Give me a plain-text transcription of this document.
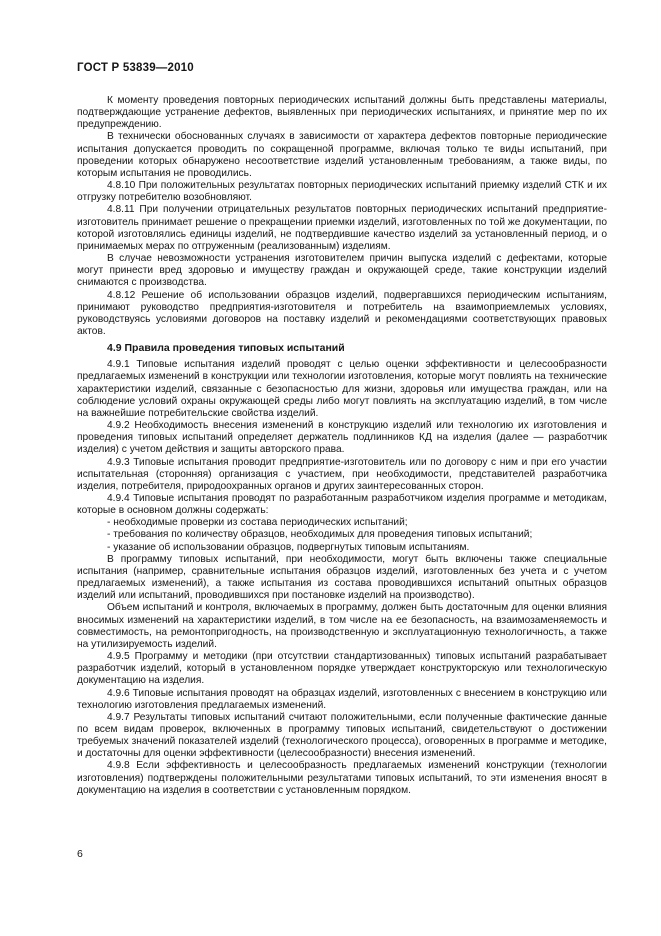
ГОСТ Р 53839—2010

К моменту проведения повторных периодических испытаний должны быть представлены материалы, подтверждающие устранение дефектов, выявленных при периодических испытаниях, и принятие мер по их предупреждению.

В технически обоснованных случаях в зависимости от характера дефектов повторные периодические испытания допускается проводить по сокращенной программе, включая только те виды испытаний, при проведении которых обнаружено несоответствие изделий установленным требованиям, а также виды, по которым испытания не проводились.

4.8.10 При положительных результатах повторных периодических испытаний приемку изделий СТК и их отгрузку потребителю возобновляют.

4.8.11 При получении отрицательных результатов повторных периодических испытаний предприятие-изготовитель принимает решение о прекращении приемки изделий, изготовленных по той же документации, по которой изготовлялись единицы изделий, не подтвердившие качество изделий за установленный период, и о принимаемых мерах по отгруженным (реализованным) изделиям.

В случае невозможности устранения изготовителем причин выпуска изделий с дефектами, которые могут принести вред здоровью и имуществу граждан и окружающей среде, такие конструкции изделий снимаются с производства.

4.8.12 Решение об использовании образцов изделий, подвергавшихся периодическим испытаниям, принимают руководство предприятия-изготовителя и потребитель на взаимоприемлемых условиях, руководствуясь условиями договоров на поставку изделий и рекомендациями соответствующих правовых актов.

4.9 Правила проведения типовых испытаний

4.9.1 Типовые испытания изделий проводят с целью оценки эффективности и целесообразности предлагаемых изменений в конструкции или технологии изготовления, которые могут повлиять на технические характеристики изделий, связанные с безопасностью для жизни, здоровья или имущества граждан, или на соблюдение условий охраны окружающей среды либо могут повлиять на эксплуатацию изделий, в том числе на важнейшие потребительские свойства изделий.

4.9.2 Необходимость внесения изменений в конструкцию изделий или технологию их изготовления и проведения типовых испытаний определяет держатель подлинников КД на изделия (далее — разработчик изделия) с учетом действия и защиты авторского права.

4.9.3 Типовые испытания проводит предприятие-изготовитель или по договору с ним и при его участии испытательная (сторонняя) организация с участием, при необходимости, представителей разработчика изделия, потребителя, природоохранных органов и других заинтересованных сторон.

4.9.4 Типовые испытания проводят по разработанным разработчиком изделия программе и методикам, которые в основном должны содержать:

- необходимые проверки из состава периодических испытаний;

- требования по количеству образцов, необходимых для проведения типовых испытаний;

- указание об использовании образцов, подвергнутых типовым испытаниям.

В программу типовых испытаний, при необходимости, могут быть включены также специальные испытания (например, сравнительные испытания образцов изделий, изготовленных без учета и с учетом предлагаемых изменений), а также испытания из состава проводившихся испытаний опытных образцов изделий или испытаний, проводившихся при постановке изделий на производство).

Объем испытаний и контроля, включаемых в программу, должен быть достаточным для оценки влияния вносимых изменений на характеристики изделий, в том числе на ее безопасность, на взаимозаменяемость и совместимость, на ремонтопригодность, на производственную и эксплуатационную технологичность, а также на утилизируемость изделий.

4.9.5 Программу и методики (при отсутствии стандартизованных) типовых испытаний разрабатывает разработчик изделий, который в установленном порядке утверждает конструкторскую или технологическую документацию на изделия.

4.9.6 Типовые испытания проводят на образцах изделий, изготовленных с внесением в конструкцию или технологию изготовления предлагаемых изменений.

4.9.7 Результаты типовых испытаний считают положительными, если полученные фактические данные по всем видам проверок, включенных в программу типовых испытаний, свидетельствуют о достижении требуемых значений показателей изделий (технологического процесса), оговоренных в программе и методике, и достаточны для оценки эффективности (целесообразности) внесения изменений.

4.9.8 Если эффективность и целесообразность предлагаемых изменений конструкции (технологии изготовления) подтверждены положительными результатами типовых испытаний, то эти изменения вносят в документацию на изделия в соответствии с установленным порядком.

6
